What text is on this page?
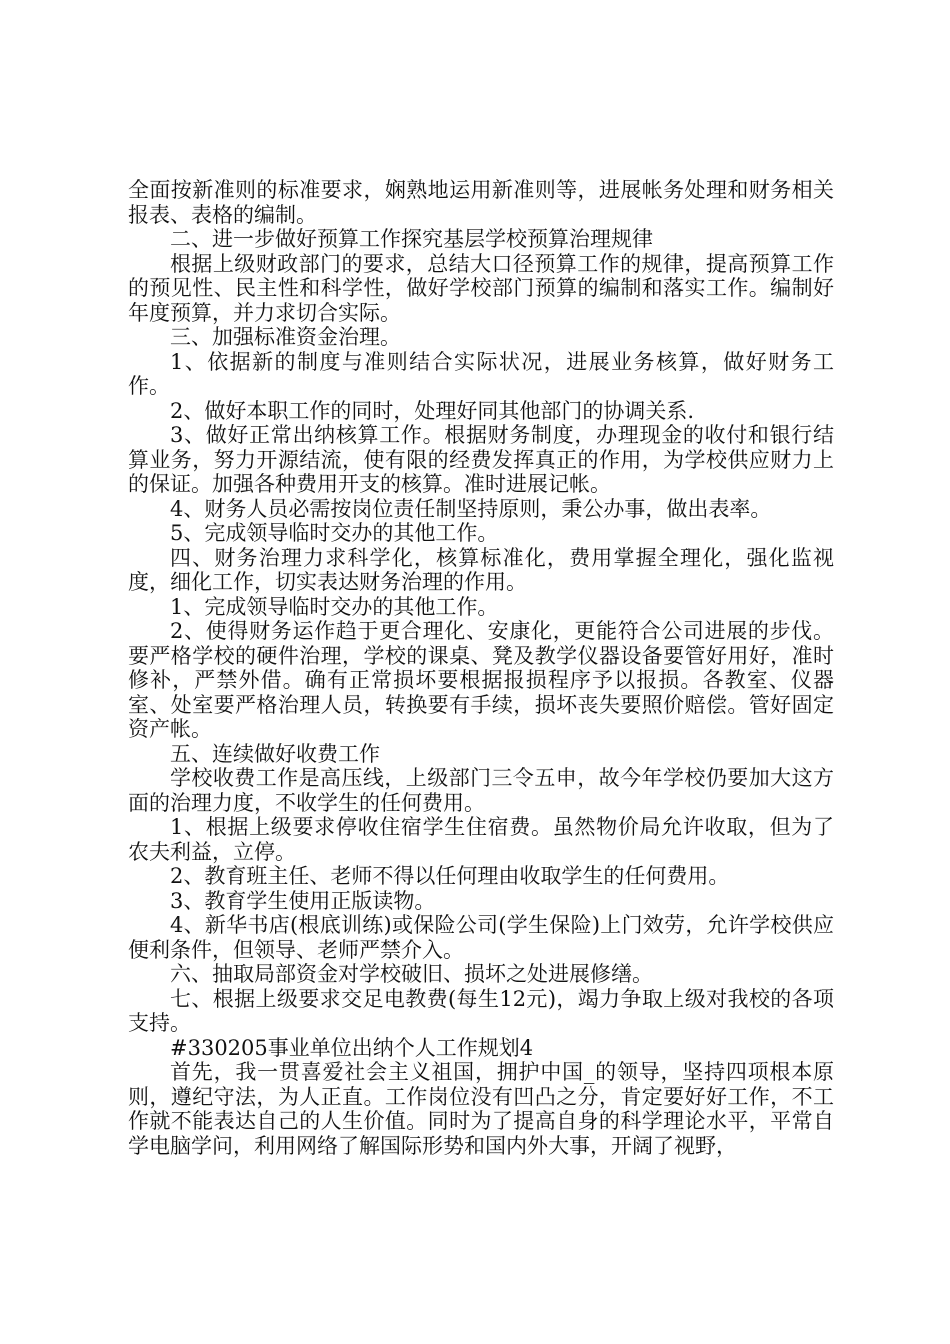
全面按新准则的标准要求，娴熟地运用新准则等，进展帐务处理和财务相关报表、表格的编制。

二、进一步做好预算工作探究基层学校预算治理规律

根据上级财政部门的要求，总结大口径预算工作的规律，提高预算工作的预见性、民主性和科学性，做好学校部门预算的编制和落实工作。编制好年度预算，并力求切合实际。

三、加强标准资金治理。

1、依据新的制度与准则结合实际状况，进展业务核算，做好财务工作。

2、做好本职工作的同时，处理好同其他部门的协调关系.

3、做好正常出纳核算工作。根据财务制度，办理现金的收付和银行结算业务，努力开源结流，使有限的经费发挥真正的作用，为学校供应财力上的保证。加强各种费用开支的核算。准时进展记帐。

4、财务人员必需按岗位责任制坚持原则，秉公办事，做出表率。

5、完成领导临时交办的其他工作。

四、财务治理力求科学化，核算标准化，费用掌握全理化，强化监视度，细化工作，切实表达财务治理的作用。

1、完成领导临时交办的其他工作。

2、使得财务运作趋于更合理化、安康化，更能符合公司进展的步伐。要严格学校的硬件治理，学校的课桌、凳及教学仪器设备要管好用好，准时修补，严禁外借。确有正常损坏要根据报损程序予以报损。各教室、仪器室、处室要严格治理人员，转换要有手续，损坏丧失要照价赔偿。管好固定资产帐。

五、连续做好收费工作

学校收费工作是高压线，上级部门三令五申，故今年学校仍要加大这方面的治理力度，不收学生的任何费用。

1、根据上级要求停收住宿学生住宿费。虽然物价局允许收取，但为了农夫利益，立停。

2、教育班主任、老师不得以任何理由收取学生的任何费用。

3、教育学生使用正版读物。

4、新华书店(根底训练)或保险公司(学生保险)上门效劳，允许学校供应便利条件，但领导、老师严禁介入。

六、抽取局部资金对学校破旧、损坏之处进展修缮。

七、根据上级要求交足电教费(每生12元)，竭力争取上级对我校的各项支持。

#330205事业单位出纳个人工作规划4

首先，我一贯喜爱社会主义祖国，拥护中国_的领导，坚持四项根本原则，遵纪守法，为人正直。工作岗位没有凹凸之分，肯定要好好工作，不工作就不能表达自己的人生价值。同时为了提高自身的科学理论水平，平常自学电脑学问，利用网络了解国际形势和国内外大事，开阔了视野，
